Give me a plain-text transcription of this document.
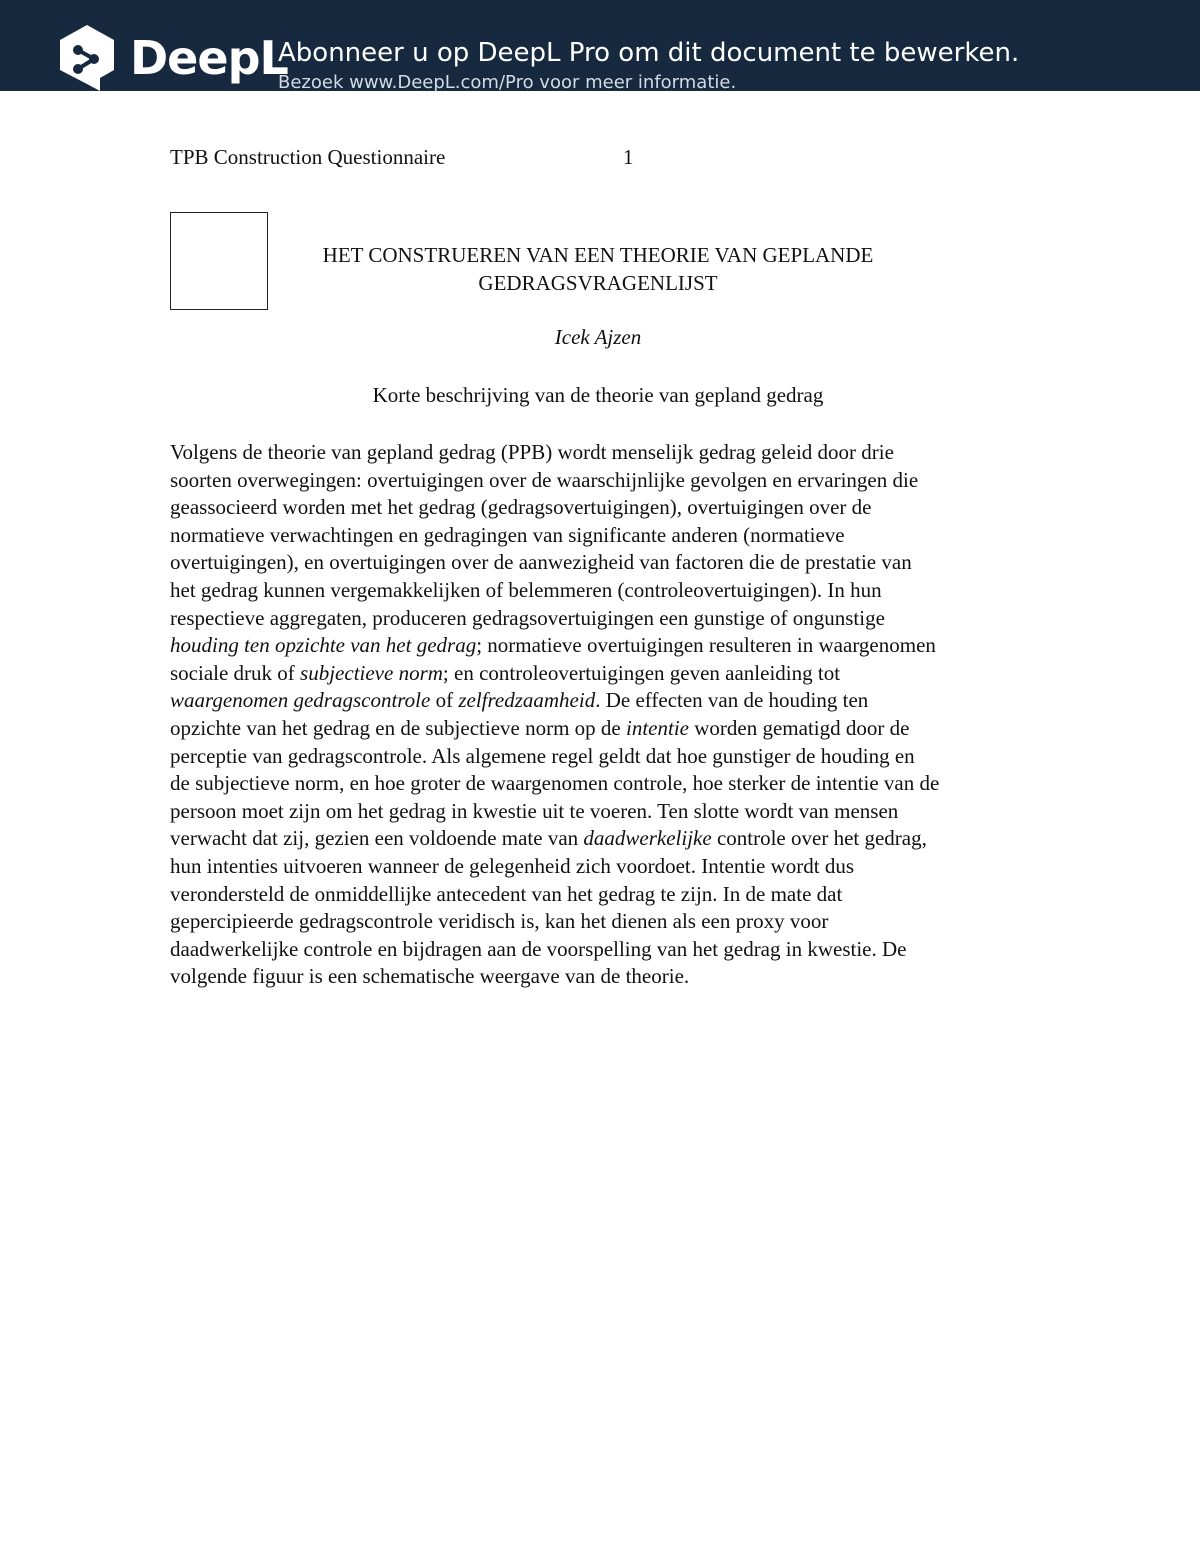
DeepL
Abonneer u op DeepL Pro om dit document te bewerken.
Bezoek www.DeepL.com/Pro voor meer informatie.
TPB Construction Questionnaire	1
HET CONSTRUEREN VAN EEN THEORIE VAN GEPLANDE
GEDRAGSVRAGENLIJST
Icek Ajzen
Korte beschrijving van de theorie van gepland gedrag
Volgens de theorie van gepland gedrag (PPB) wordt menselijk gedrag geleid door drie
soorten overwegingen: overtuigingen over de waarschijnlijke gevolgen en ervaringen die
geassocieerd worden met het gedrag (gedragsovertuigingen), overtuigingen over de
normatieve verwachtingen en gedragingen van significante anderen (normatieve
overtuigingen), en overtuigingen over de aanwezigheid van factoren die de prestatie van
het gedrag kunnen vergemakkelijken of belemmeren (controleovertuigingen). In hun
respectieve aggregaten, produceren gedragsovertuigingen een gunstige of ongunstige
houding ten opzichte van het gedrag; normatieve overtuigingen resulteren in waargenomen
sociale druk of subjectieve norm; en controleovertuigingen geven aanleiding tot
waargenomen gedragscontrole of zelfredzaamheid. De effecten van de houding ten
opzichte van het gedrag en de subjectieve norm op de intentie worden gematigd door de
perceptie van gedragscontrole. Als algemene regel geldt dat hoe gunstiger de houding en
de subjectieve norm, en hoe groter de waargenomen controle, hoe sterker de intentie van de
persoon moet zijn om het gedrag in kwestie uit te voeren. Ten slotte wordt van mensen
verwacht dat zij, gezien een voldoende mate van daadwerkelijke controle over het gedrag,
hun intenties uitvoeren wanneer de gelegenheid zich voordoet. Intentie wordt dus
verondersteld de onmiddellijke antecedent van het gedrag te zijn. In de mate dat
gepercipieerde gedragscontrole veridisch is, kan het dienen als een proxy voor
daadwerkelijke controle en bijdragen aan de voorspelling van het gedrag in kwestie. De
volgende figuur is een schematische weergave van de theorie.
